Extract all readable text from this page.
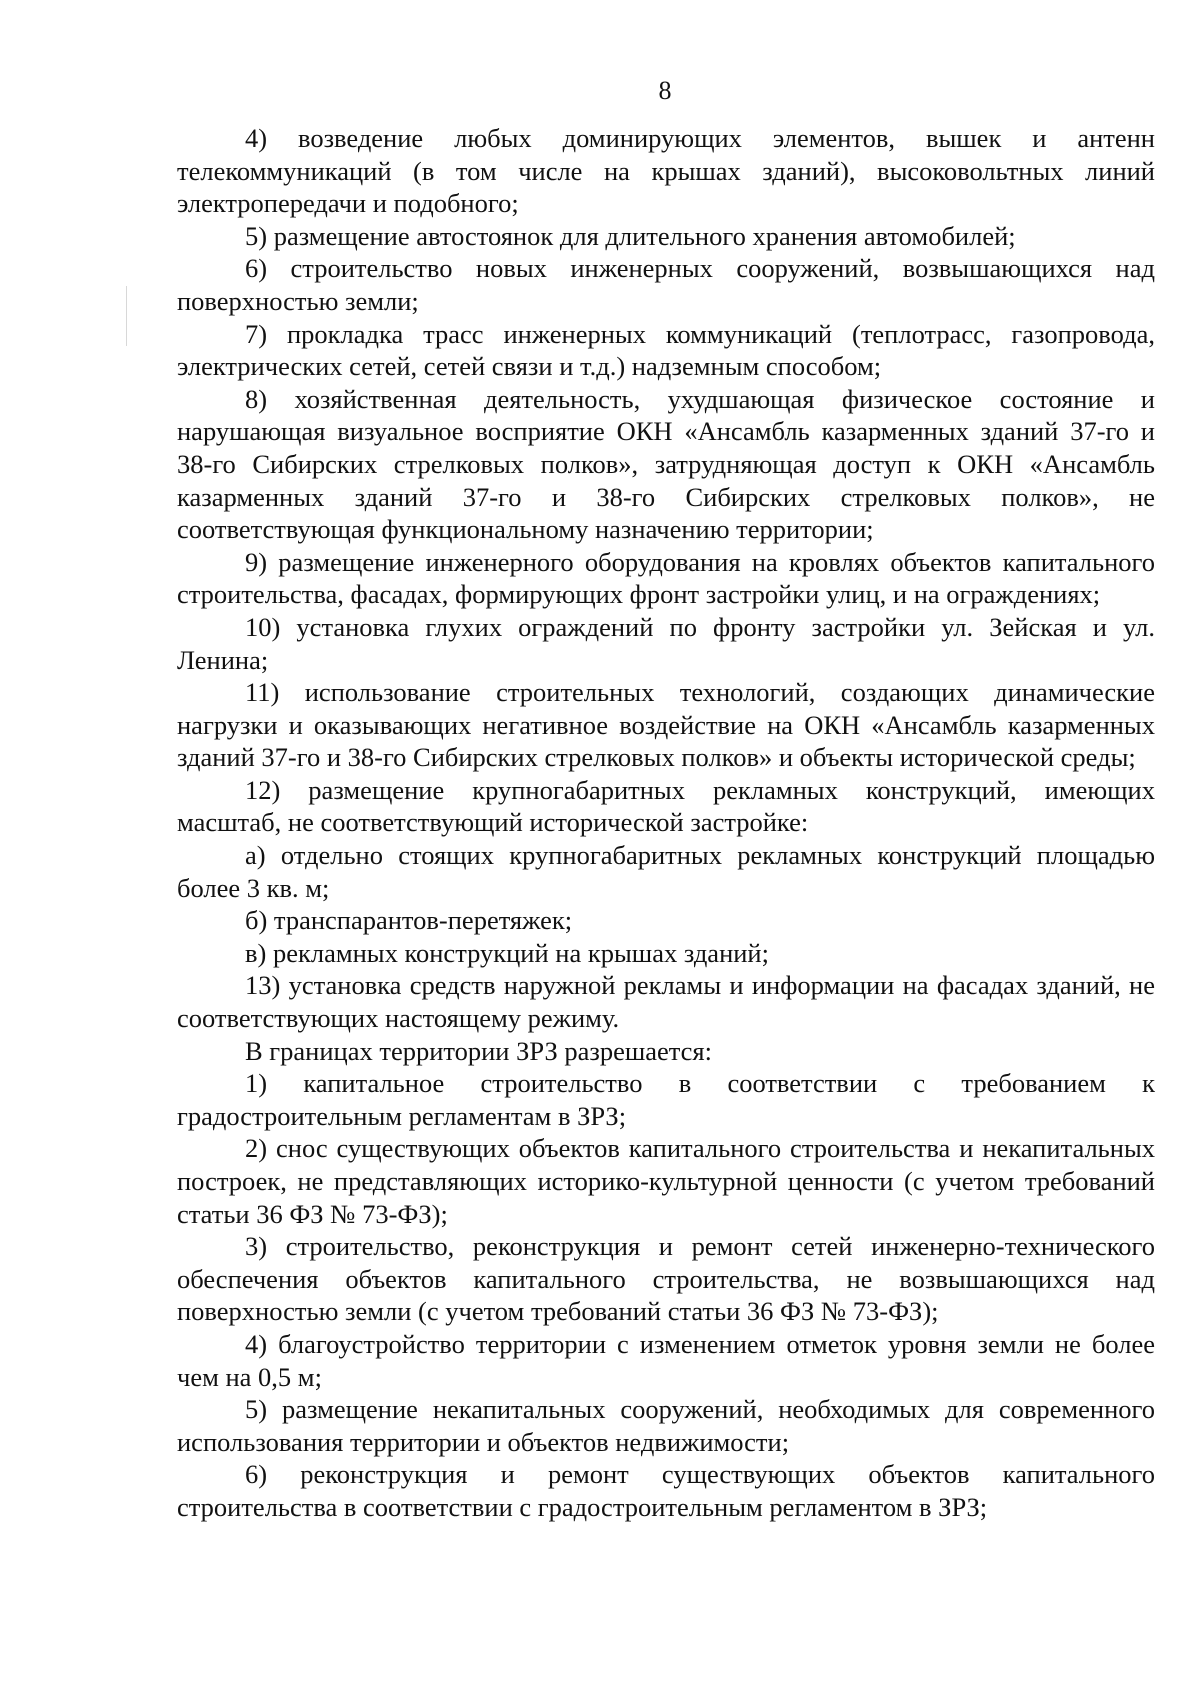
8

4) возведение любых доминирующих элементов, вышек и антенн телекоммуникаций (в том числе на крышах зданий), высоковольтных линий электропередачи и подобного;

5) размещение автостоянок для длительного хранения автомобилей;

6) строительство новых инженерных сооружений, возвышающихся над поверхностью земли;

7) прокладка трасс инженерных коммуникаций (теплотрасс, газопровода, электрических сетей, сетей связи и т.д.) надземным способом;

8) хозяйственная деятельность, ухудшающая физическое состояние и нарушающая визуальное восприятие ОКН «Ансамбль казарменных зданий 37-го и 38-го Сибирских стрелковых полков», затрудняющая доступ к ОКН «Ансамбль казарменных зданий 37-го и 38-го Сибирских стрелковых полков», не соответствующая функциональному назначению территории;

9) размещение инженерного оборудования на кровлях объектов капитального строительства, фасадах, формирующих фронт застройки улиц, и на ограждениях;

10) установка глухих ограждений по фронту застройки ул. Зейская и ул. Ленина;

11) использование строительных технологий, создающих динамические нагрузки и оказывающих негативное воздействие на ОКН «Ансамбль казарменных зданий 37-го и 38-го Сибирских стрелковых полков» и объекты исторической среды;

12) размещение крупногабаритных рекламных конструкций, имеющих масштаб, не соответствующий исторической застройке:

а) отдельно стоящих крупногабаритных рекламных конструкций площадью более 3 кв. м;

б) транспарантов-перетяжек;

в) рекламных конструкций на крышах зданий;

13) установка средств наружной рекламы и информации на фасадах зданий, не соответствующих настоящему режиму.

В границах территории ЗРЗ разрешается:

1) капитальное строительство в соответствии с требованием к градостроительным регламентам в ЗРЗ;

2) снос существующих объектов капитального строительства и некапитальных построек, не представляющих историко-культурной ценности (с учетом требований статьи 36 ФЗ № 73-ФЗ);

3) строительство, реконструкция и ремонт сетей инженерно-технического обеспечения объектов капитального строительства, не возвышающихся над поверхностью земли (с учетом требований статьи 36 ФЗ № 73-ФЗ);

4) благоустройство территории с изменением отметок уровня земли не более чем на 0,5 м;

5) размещение некапитальных сооружений, необходимых для современного использования территории и объектов недвижимости;

6) реконструкция и ремонт существующих объектов капитального строительства в соответствии с градостроительным регламентом в ЗРЗ;
